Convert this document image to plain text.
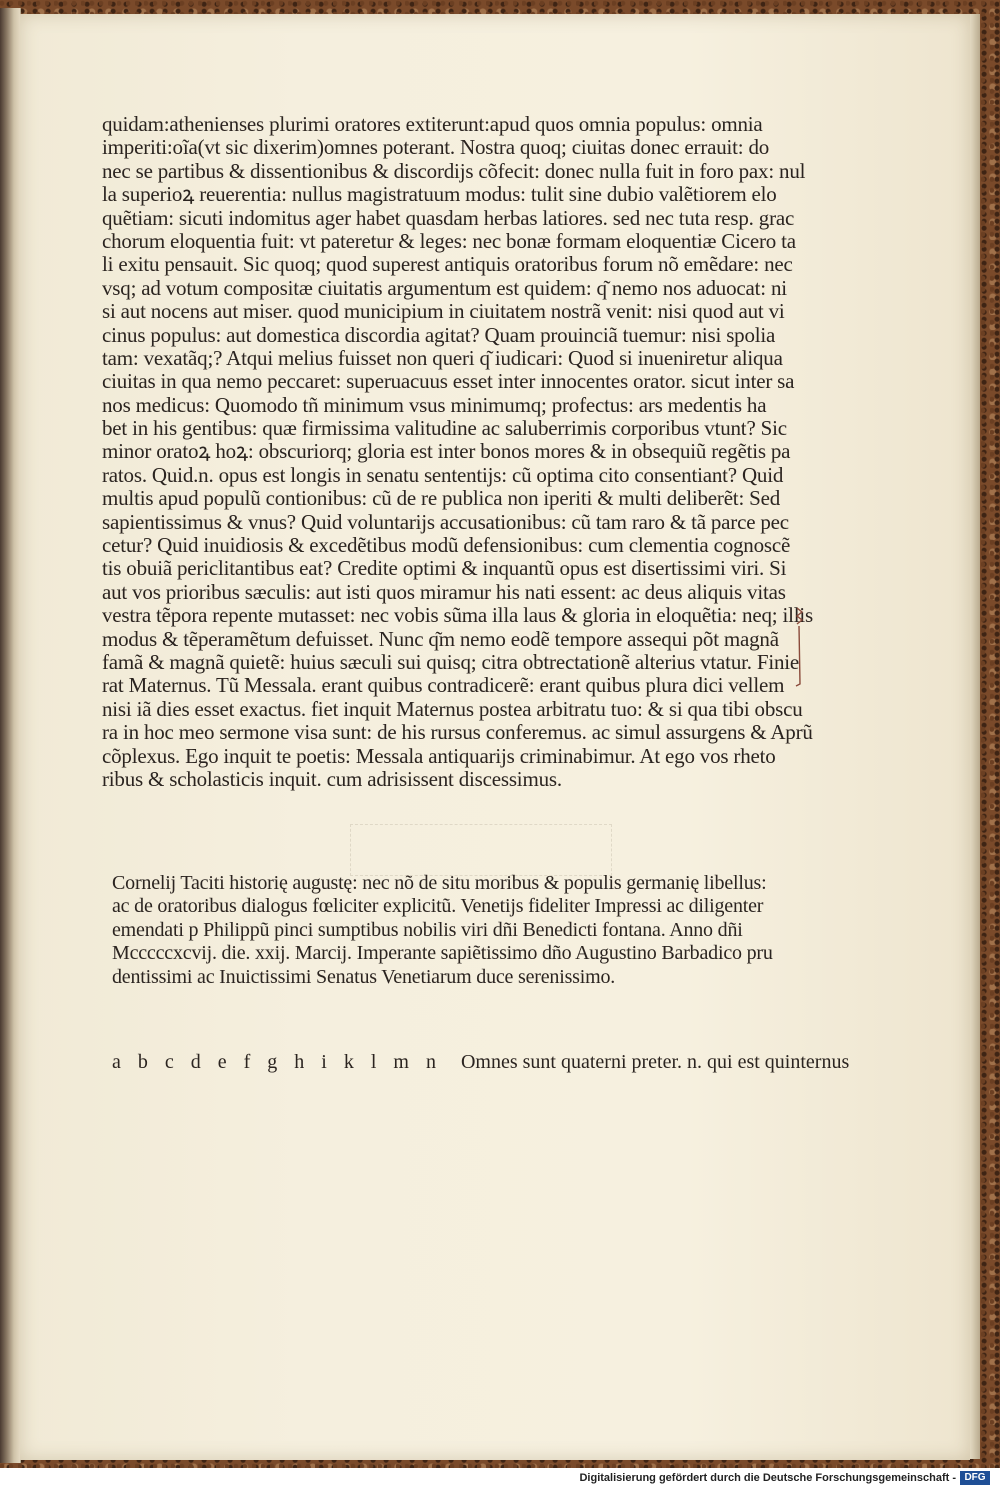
quidam:athenienses plurimi oratores extiterunt:apud quos omnia populus: omnia
imperiti:oĩa(vt sic dixerim)omnes poterant. Nostra quoq; ciuitas donec errauit: do
nec se partibus & dissentionibus & discordijs cõfecit: donec nulla fuit in foro pax: nul
la superioꝝ reuerentia: nullus magistratuum modus: tulit sine dubio valẽtiorem elo
quẽtiam: sicuti indomitus ager habet quasdam herbas latiores. sed nec tuta resp. grac
chorum eloquentia fuit: vt pateretur & leges: nec bonæ formam eloquentiæ Cicero ta
li exitu pensauit. Sic quoq; quod superest antiquis oratoribus forum nõ emẽdare: nec
vsq; ad votum compositæ ciuitatis argumentum est quidem: q͂ nemo nos aduocat: ni
si aut nocens aut miser. quod municipium in ciuitatem nostrã venit: nisi quod aut vi
cinus populus: aut domestica discordia agitat? Quam prouinciã tuemur: nisi spolia
tam: vexatãq;? Atqui melius fuisset non queri q͂ iudicari: Quod si inueniretur aliqua
ciuitas in qua nemo peccaret: superuacuus esset inter innocentes orator. sicut inter sa
nos medicus: Quomodo tñ minimum vsus minimumq; profectus: ars medentis ha
bet in his gentibus: quæ firmissima valitudine ac saluberrimis corporibus vtunt? Sic
minor oratoꝝ hoꝝ: obscuriorq; gloria est inter bonos mores & in obsequiũ regẽtis pa
ratos. Quid.n. opus est longis in senatu sententijs: cũ optima cito consentiant? Quid
multis apud populũ contionibus: cũ de re publica non iperiti & multi deliberẽt: Sed
sapientissimus & vnus? Quid voluntarijs accusationibus: cũ tam raro & tã parce pec
cetur? Quid inuidiosis & excedẽtibus modũ defensionibus: cum clementia cognoscẽ
tis obuiã periclitantibus eat? Credite optimi & inquantũ opus est disertissimi viri. Si
aut vos prioribus sæculis: aut isti quos miramur his nati essent: ac deus aliquis vitas
vestra tẽpora repente mutasset: nec vobis sũma illa laus & gloria in eloquẽtia: neq; illis
modus & tẽperamẽtum defuisset. Nunc q͂m nemo eodẽ tempore assequi põt magnã
famã & magnã quietẽ: huius sæculi sui quisq; citra obtrectationẽ alterius vtatur. Finie
rat Maternus. Tũ Messala. erant quibus contradicerẽ: erant quibus plura dici vellem
nisi iã dies esset exactus. fiet inquit Maternus postea arbitratu tuo: & si qua tibi obscu
ra in hoc meo sermone visa sunt: de his rursus conferemus. ac simul assurgens & Aprũ
cõplexus. Ego inquit te poetis: Messala antiquarijs criminabimur. At ego vos rheto
ribus & scholasticis inquit. cum adrisissent discessimus.
Cornelij Taciti historię augustę: nec nõ de situ moribus & populis germanię libellus:
ac de oratoribus dialogus fœliciter explicitũ. Venetijs fideliter Impressi ac diligenter
emendati p Philippũ pinci sumptibus nobilis viri dñi Benedicti fontana. Anno dñi
Mcccccxcvij. die. xxij. Marcij. Imperante sapiẽtissimo dño Augustino Barbadico pru
dentissimi ac Inuictissimi Senatus Venetiarum duce serenissimo.
a b c d e f g h i k l m n Omnes sunt quaterni preter. n. qui est quinternus
Digitalisierung gefördert durch die Deutsche Forschungsgemeinschaft - DFG
